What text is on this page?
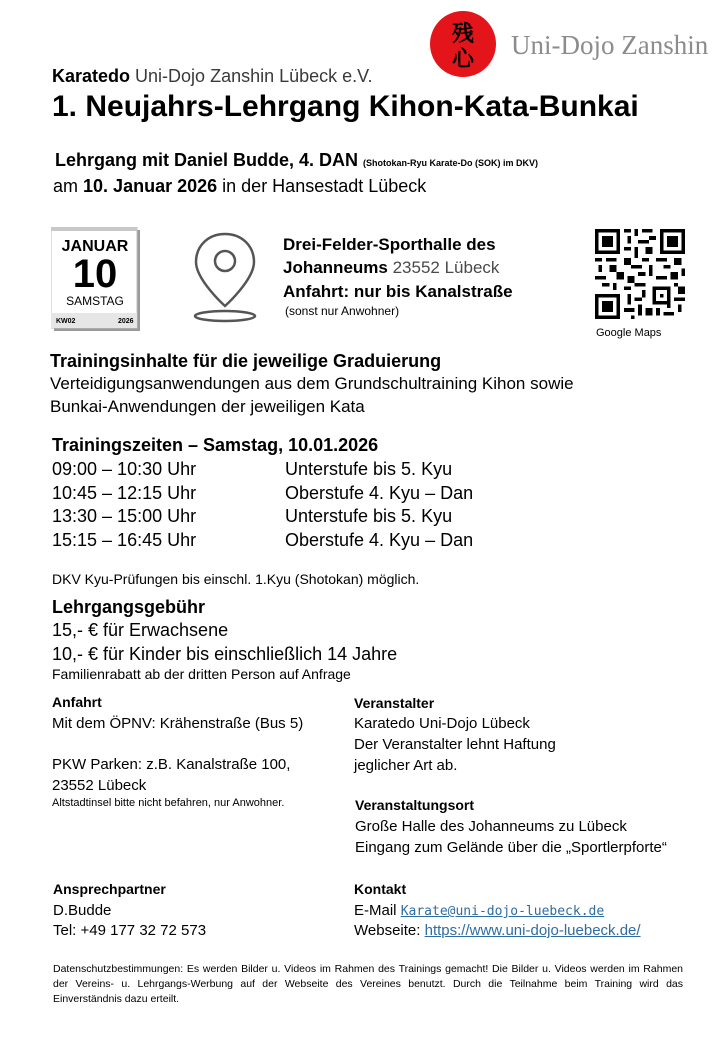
残
心 Uni-Dojo Zanshin
Karatedo Uni-Dojo Zanshin Lübeck e.V.
1. Neujahrs-Lehrgang Kihon-Kata-Bunkai
Lehrgang mit Daniel Budde, 4. DAN (Shotokan-Ryu Karate-Do (SOK) im DKV)
am 10. Januar 2026 in der Hansestadt Lübeck
JANUAR
10
SAMSTAG
KW02	2026
Drei-Felder-Sporthalle des
Johanneums 23552 Lübeck
Anfahrt: nur bis Kanalstraße
(sonst nur Anwohner)
Google Maps
Trainingsinhalte für die jeweilige Graduierung
Verteidigungsanwendungen aus dem Grundschultraining Kihon sowie
Bunkai-Anwendungen der jeweiligen Kata
Trainingszeiten – Samstag, 10.01.2026
09:00 – 10:30 Uhr	Unterstufe bis 5. Kyu
10:45 – 12:15 Uhr	Oberstufe 4. Kyu – Dan
13:30 – 15:00 Uhr	Unterstufe bis 5. Kyu
15:15 – 16:45 Uhr	Oberstufe 4. Kyu – Dan
DKV Kyu-Prüfungen bis einschl. 1.Kyu (Shotokan) möglich.
Lehrgangsgebühr
15,- € für Erwachsene
10,- € für Kinder bis einschließlich 14 Jahre
Familienrabatt ab der dritten Person auf Anfrage
Anfahrt
Mit dem ÖPNV: Krähenstraße (Bus 5)
PKW Parken: z.B. Kanalstraße 100,
23552 Lübeck
Altstadtinsel bitte nicht befahren, nur Anwohner.
Veranstalter
Karatedo Uni-Dojo Lübeck
Der Veranstalter lehnt Haftung
jeglicher Art ab.
Veranstaltungsort
Große Halle des Johanneums zu Lübeck
Eingang zum Gelände über die „Sportlerpforte“
Ansprechpartner
D.Budde
Tel: +49 177 32 72 573
Kontakt
E-Mail Karate@uni-dojo-luebeck.de
Webseite: https://www.uni-dojo-luebeck.de/
Datenschutzbestimmungen: Es werden Bilder u. Videos im Rahmen des Trainings gemacht! Die Bilder u. Videos werden im Rahmen der Vereins- u. Lehrgangs-Werbung auf der Webseite des Vereines benutzt. Durch die Teilnahme beim Training wird das Einverständnis dazu erteilt.
